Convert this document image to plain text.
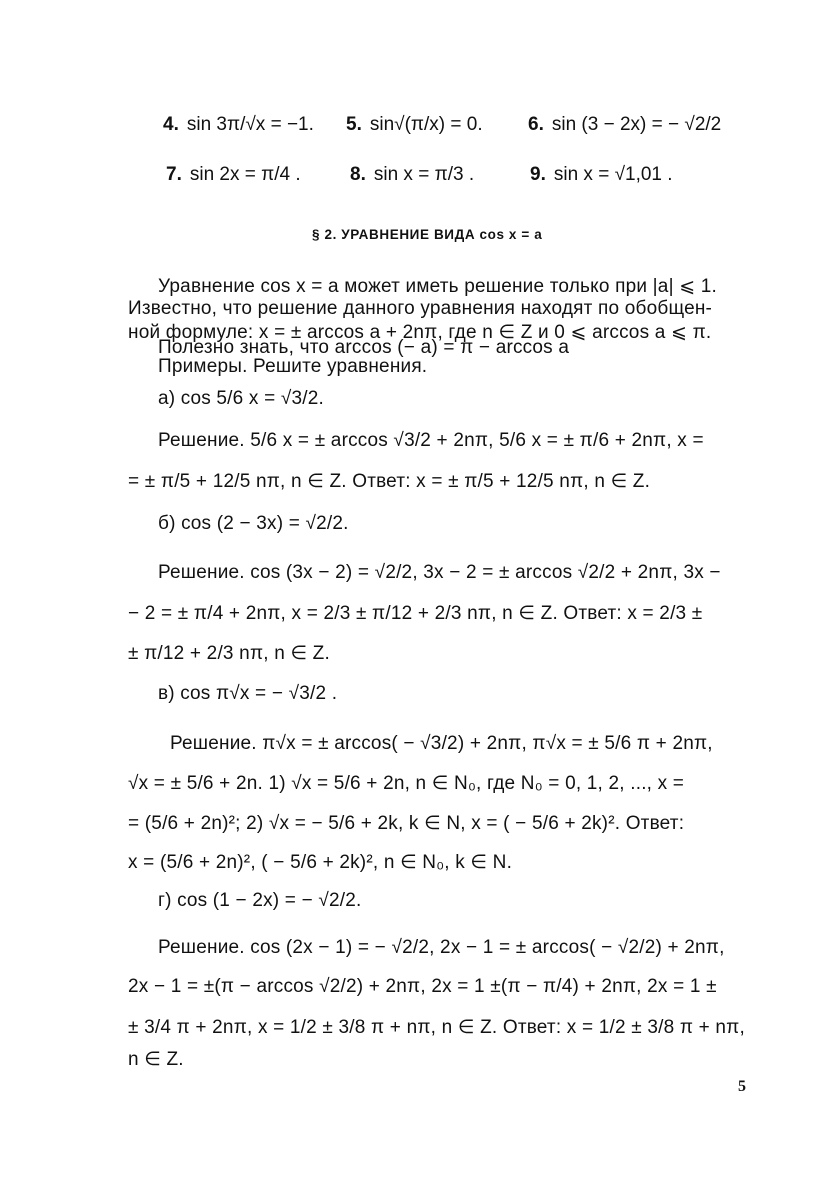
4. sin 3π/√x = −1. 5. sin√(π/x) = 0. 6. sin (3 − 2x) = − √2/2
7. sin 2x = π/4 .	8. sin x = π/3 .	9. sin x = √1,01 .
§ 2. УРАВНЕНИЕ ВИДА cos x = a
Уравнение cos x = a может иметь решение только при |a| ⩽ 1.
Известно, что решение данного уравнения находят по обобщен-
ной формуле: x = ± arccos a + 2nπ, где n ∈ Z и 0 ⩽ arccos a ⩽ π.
Полезно знать, что arccos (− a) = π − arccos a
Примеры. Решите уравнения.
а) cos 5/6 x = √3/2.
Решение. 5/6 x = ± arccos √3/2 + 2nπ, 5/6 x = ± π/6 + 2nπ, x =
= ± π/5 + 12/5 nπ, n ∈ Z. Ответ: x = ± π/5 + 12/5 nπ, n ∈ Z.
б) cos (2 − 3x) = √2/2.
Решение. cos (3x − 2) = √2/2, 3x − 2 = ± arccos √2/2 + 2nπ, 3x −
− 2 = ± π/4 + 2nπ, x = 2/3 ± π/12 + 2/3 nπ, n ∈ Z. Ответ: x = 2/3 ±
± π/12 + 2/3 nπ, n ∈ Z.
в) cos π√x = − √3/2 .
Решение. π√x = ± arccos( − √3/2) + 2nπ, π√x = ± 5/6 π + 2nπ,
√x = ± 5/6 + 2n. 1) √x = 5/6 + 2n, n ∈ N₀, где N₀ = 0, 1, 2, ..., x =
= (5/6 + 2n)²; 2) √x = − 5/6 + 2k, k ∈ N, x = ( − 5/6 + 2k)². Ответ:
x = (5/6 + 2n)², ( − 5/6 + 2k)², n ∈ N₀, k ∈ N.
г) cos (1 − 2x) = − √2/2.
Решение. cos (2x − 1) = − √2/2, 2x − 1 = ± arccos( − √2/2) + 2nπ,
2x − 1 = ±(π − arccos √2/2) + 2nπ, 2x = 1 ±(π − π/4) + 2nπ, 2x = 1 ±
± 3/4 π + 2nπ, x = 1/2 ± 3/8 π + nπ, n ∈ Z. Ответ: x = 1/2 ± 3/8 π + nπ,
n ∈ Z.
5
